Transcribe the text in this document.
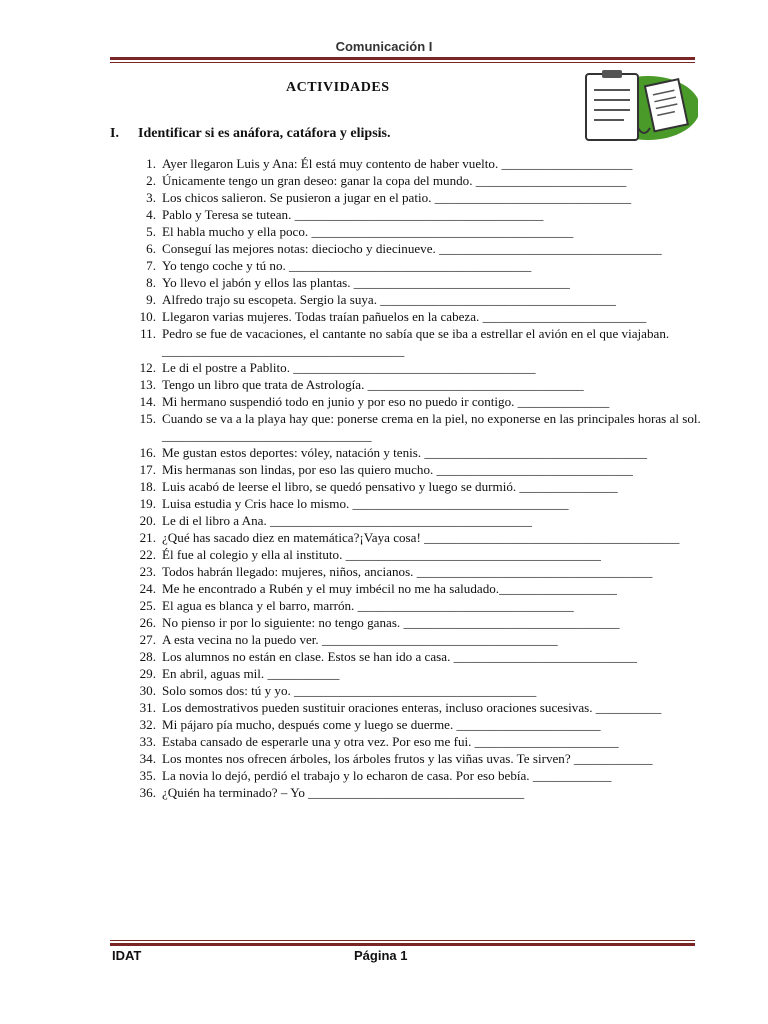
Comunicación I
ACTIVIDADES
I. Identificar si es anáfora, catáfora y elipsis.
1. Ayer llegaron Luis y Ana: Él está muy contento de haber vuelto. ____________________
2. Únicamente tengo un gran deseo: ganar la copa del mundo. _______________________
3. Los chicos salieron. Se pusieron a jugar en el patio. ______________________________
4. Pablo y Teresa se tutean. ______________________________________
5. El habla mucho y ella poco. ________________________________________
6. Conseguí las mejores notas: dieciocho y diecinueve. __________________________________
7. Yo tengo coche y tú no. _____________________________________
8. Yo llevo el jabón y ellos las plantas. _________________________________
9. Alfredo trajo su escopeta. Sergio la suya. ____________________________________
10. Llegaron varias mujeres. Todas traían pañuelos en la cabeza. _________________________
11. Pedro se fue de vacaciones, el cantante no sabía que se iba a estrellar el avión en el que viajaban. _____________________________________
12. Le di el postre a Pablito. _____________________________________
13. Tengo un libro que trata de Astrología. _________________________________
14. Mi hermano suspendió todo en junio y por eso no puedo ir contigo. ______________
15. Cuando se va a la playa hay que: ponerse crema en la piel, no exponerse en las principales horas al sol. ________________________________
16. Me gustan estos deportes: vóley, natación y tenis. __________________________________
17. Mis hermanas son lindas, por eso las quiero mucho. ______________________________
18. Luis acabó de leerse el libro, se quedó pensativo y luego se durmió. _______________
19. Luisa estudia y Cris hace lo mismo. _________________________________
20. Le di el libro a Ana. ________________________________________
21. ¿Qué has sacado diez en matemática?¡Vaya cosa! _______________________________________
22. Él fue al colegio y ella al instituto. _______________________________________
23. Todos habrán llegado: mujeres, niños, ancianos. ____________________________________
24. Me he encontrado a Rubén y el muy imbécil no me ha saludado.__________________
25. El agua es blanca y el barro, marrón. _________________________________
26. No pienso ir por lo siguiente: no tengo ganas. _________________________________
27. A esta vecina no la puedo ver. ____________________________________
28. Los alumnos no están en clase. Estos se han ido a casa. ____________________________
29. En abril, aguas mil. ___________
30. Solo somos dos: tú y yo. _____________________________________
31. Los demostrativos pueden sustituir oraciones enteras, incluso oraciones sucesivas. __________
32. Mi pájaro pía mucho, después come y luego se duerme. ______________________
33. Estaba cansado de esperarle una y otra vez. Por eso me fui. ______________________
34. Los montes nos ofrecen árboles, los árboles frutos y las viñas uvas. Te sirven? ____________
35. La novia lo dejó, perdió el trabajo y lo echaron de casa. Por eso bebía. ____________
36. ¿Quién ha terminado? – Yo _________________________________
IDAT	Página 1
